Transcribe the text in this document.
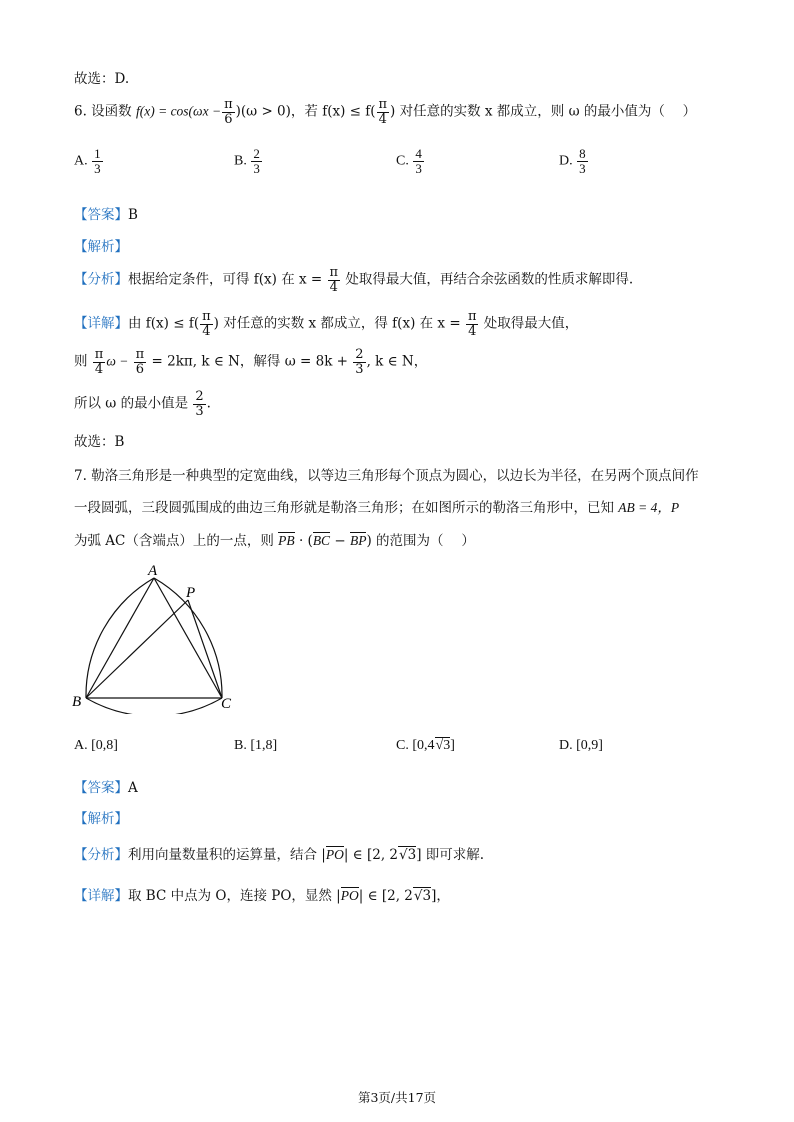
故选：D.
6. 设函数 $f(x) = \cos(\omega x - \frac{\pi}{6} )(\omega > 0)$，若 $f(x) \le f( \frac{\pi}{4}$ ) 对任意的实数 x 都成立，则 ω 的最小值为（　 ）
A. $\frac{1}{3}$	B. $\frac{2}{3}$	C. $\frac{4}{3}$	D. $\frac{8}{3}$
【答案】B
【解析】
【分析】根据给定条件，可得 f(x) 在 $x = \frac{\pi}{4}$ 处取得最大值，再结合余弦函数的性质求解即得.
【详解】由 $f(x) \le f( \frac{\pi}{4}$ ) 对任意的实数 x 都成立，得 f(x) 在 $x = \frac{\pi}{4}$ 处取得最大值，
则 $\frac{\pi}{4}$ $\omega - \frac{\pi}{6} = 2k\pi$, k ∈ N，解得 $\omega = 8k + \frac{2}{3}$ , k ∈ N，
所以 ω 的最小值是 $\frac{2}{3}$ .
故选：B
7. 勒洛三角形是一种典型的定宽曲线，以等边三角形每个顶点为圆心，以边长为半径，在另两个顶点间作
一段圆弧，三段圆弧围成的曲边三角形就是勒洛三角形；在如图所示的勒洛三角形中，已知 AB = 4，P
为弧 AC（含端点）上的一点，则 PB · (BC − BP) 的范围为（　 ）
A
P
B	C
A. [0,8]	B. [1,8]	C. [0,4√3]	D. [0,9]
【答案】A
【解析】
【分析】利用向量数量积的运算量，结合 |PO| ∈ [2, 2√3] 即可求解.
【详解】取 BC 中点为 O，连接 PO，显然 |PO| ∈ [2, 2√3]，
第3页/共17页
